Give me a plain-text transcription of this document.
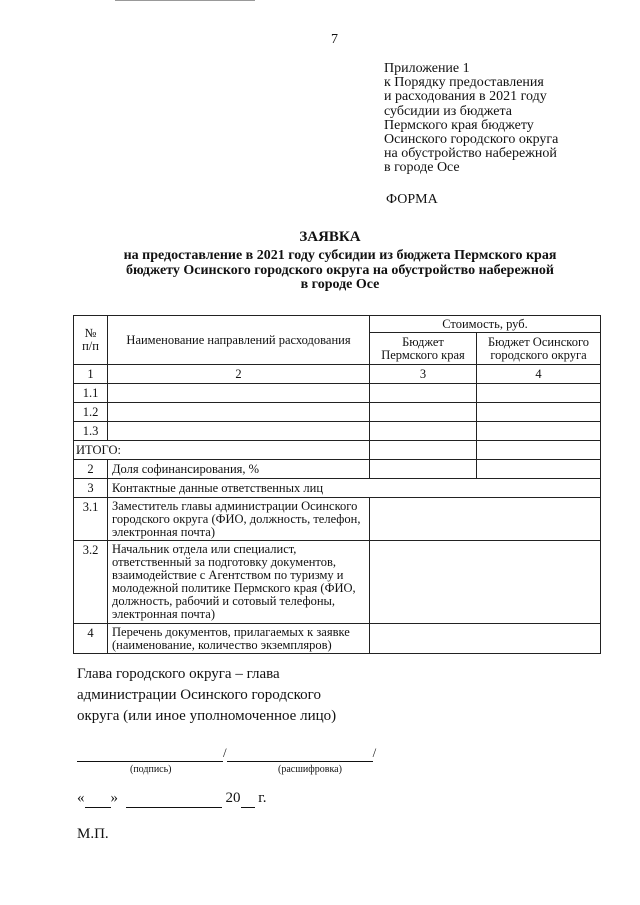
7
Приложение 1
к Порядку предоставления
и расходования в 2021 году
субсидии из бюджета
Пермского края бюджету
Осинского городского округа
на обустройство набережной
в городе Осе
ФОРМА
ЗАЯВКА
на предоставление в 2021 году субсидии из бюджета Пермского края
бюджету Осинского городского округа на обустройство набережной
в городе Осе
№ п/п	Наименование направлений расходования	Стоимость, руб.	
		Бюджет Пермского края	Бюджет Осинского городского округа
1	2	3	4
1.1			
1.2			
1.3			
ИТОГО:			
2	Доля софинансирования, %		
3	Контактные данные ответственных лиц		
3.1	Заместитель главы администрации Осинского городского округа (ФИО, должность, телефон, электронная почта)		
3.2	Начальник отдела или специалист, ответственный за подготовку документов, взаимодействие с Агентством по туризму и молодежной политике Пермского края (ФИО, должность, рабочий и сотовый телефоны, электронная почта)		
4	Перечень документов, прилагаемых к заявке (наименование, количество экземпляров)		
Глава городского округа – глава
администрации Осинского городского
округа (или иное уполномоченное лицо)
/	/
(подпись)	(расшифровка)
« »	20 г.
М.П.
